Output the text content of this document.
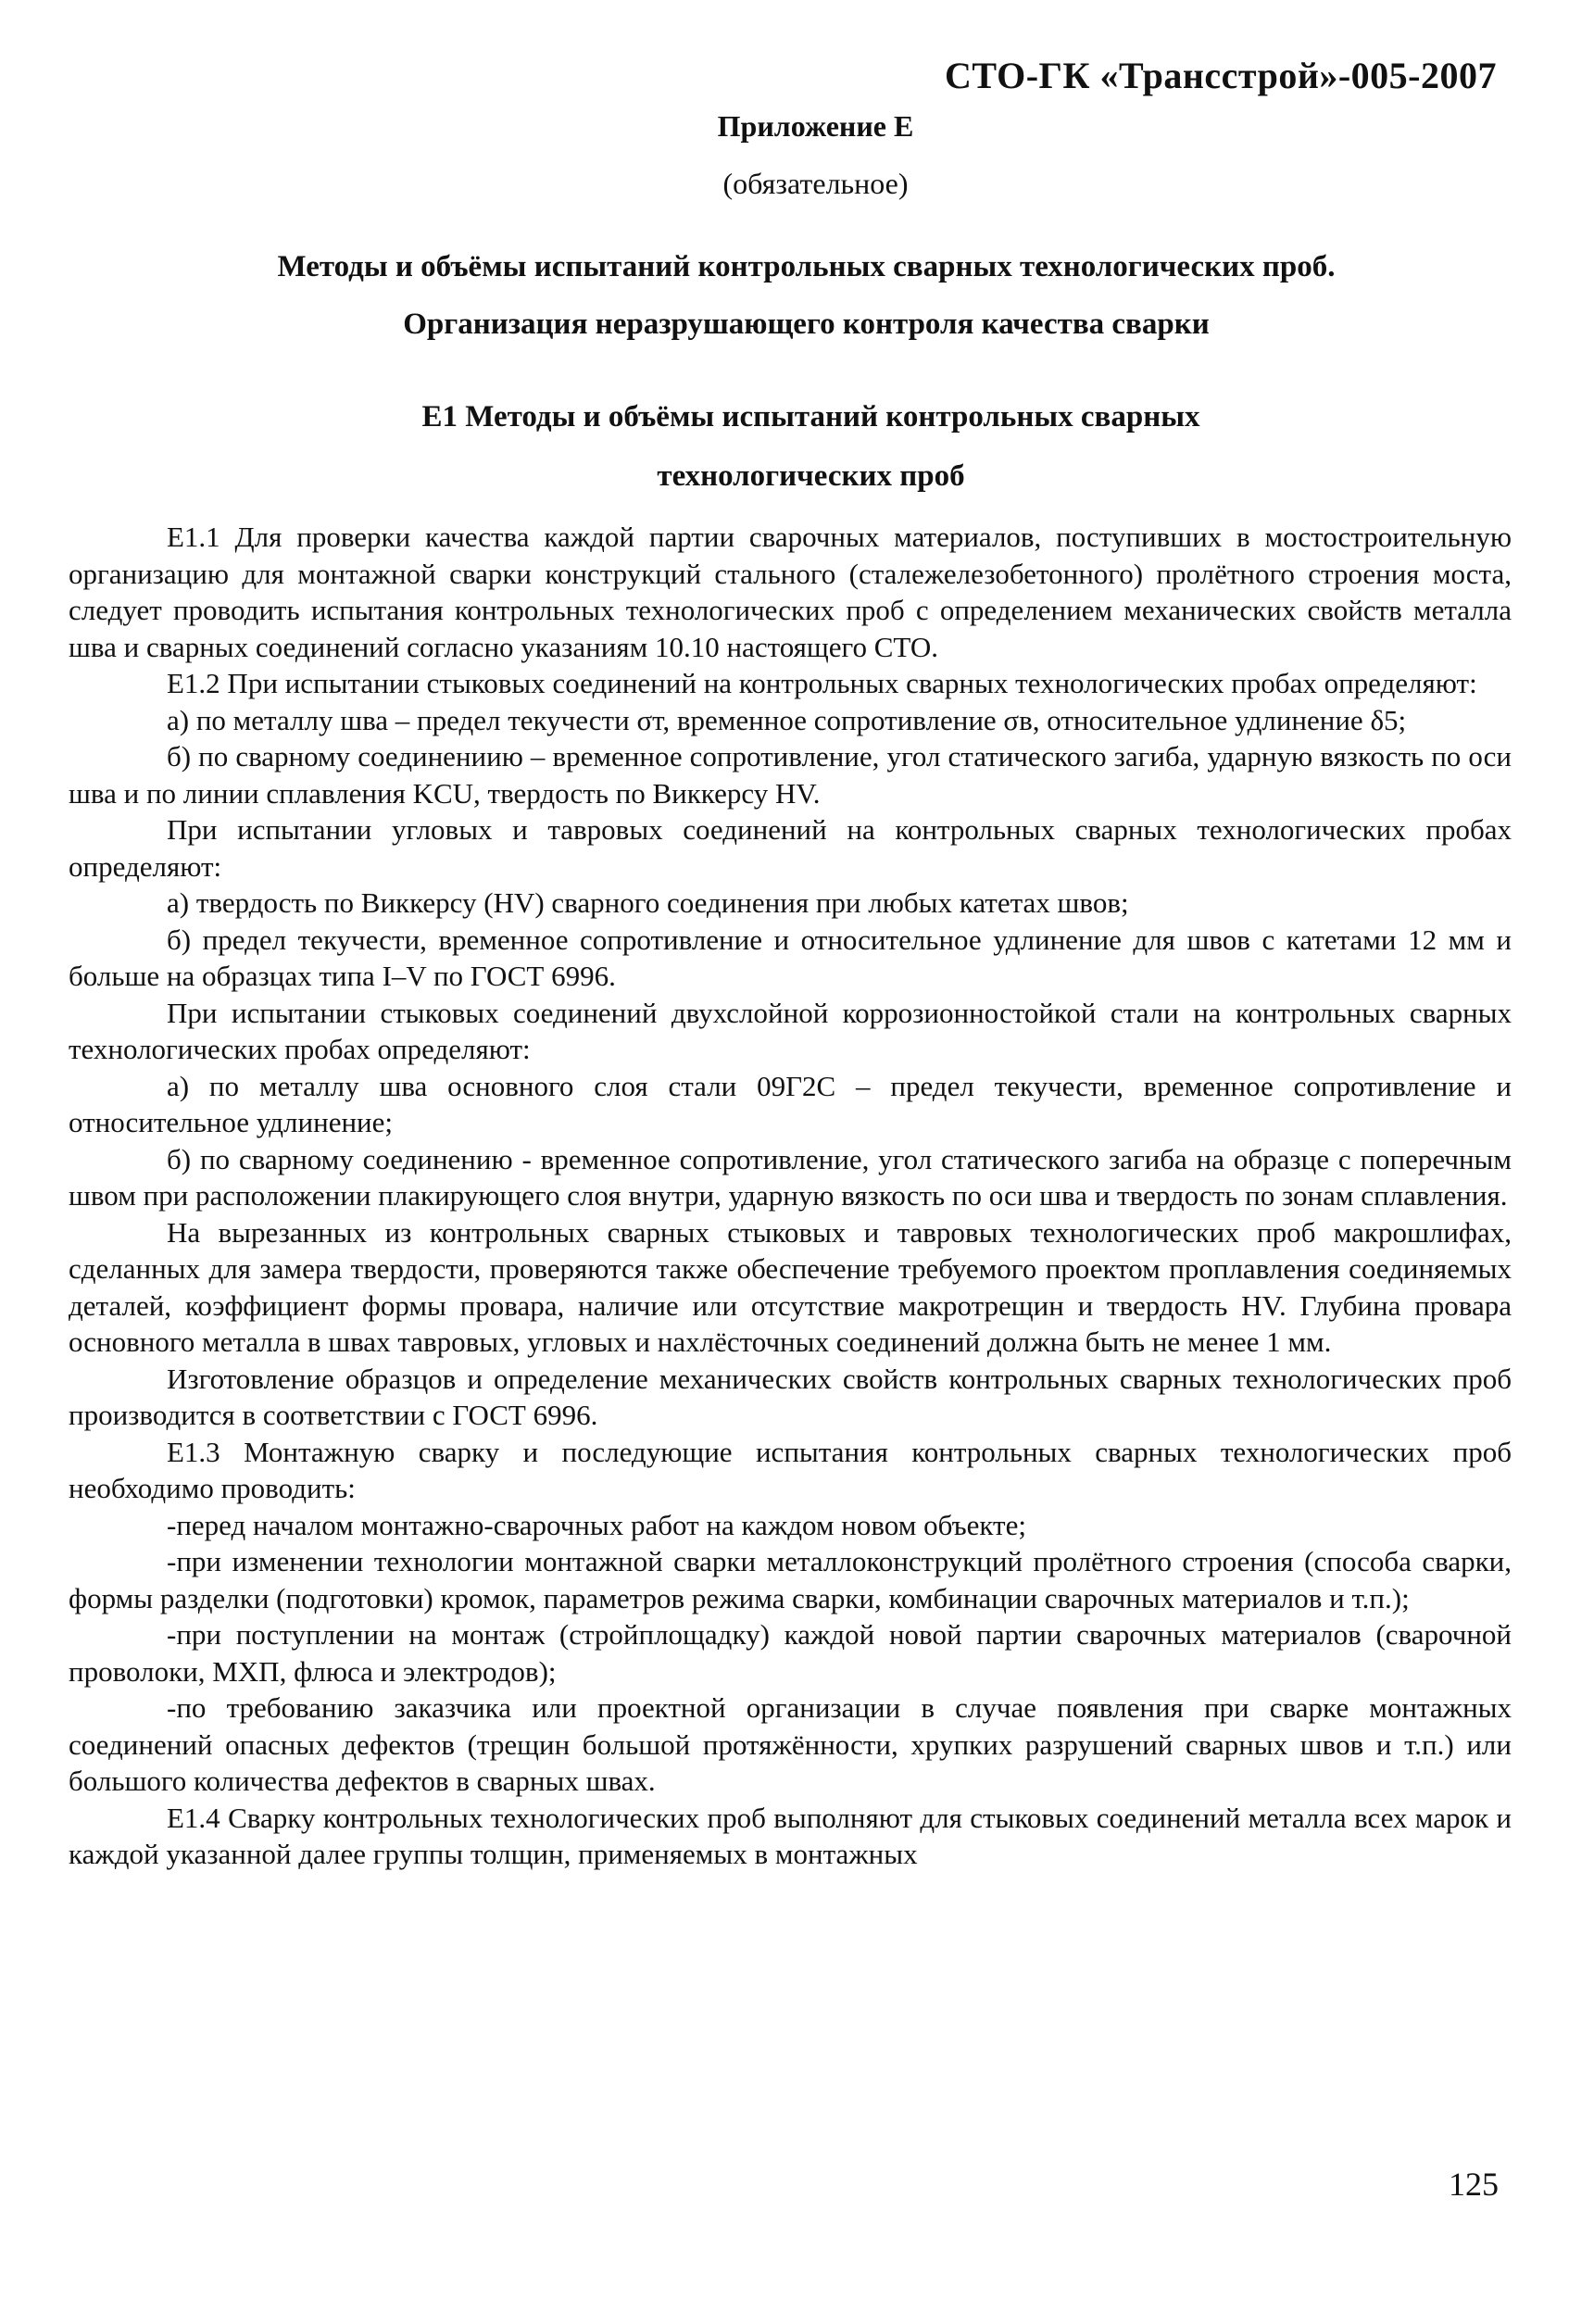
СТО-ГК «Трансстрой»-005-2007
Приложение Е
(обязательное)
Методы и объёмы испытаний контрольных сварных технологических проб.
Организация неразрушающего контроля качества сварки
Е1 Методы и объёмы испытаний контрольных сварных
технологических проб

Е1.1 Для проверки качества каждой партии сварочных материалов, поступивших в мостостроительную организацию для монтажной сварки конструкций стального (сталежелезобетонного) пролётного строения моста, следует проводить испытания контрольных технологических проб с определением механических свойств металла шва и сварных соединений согласно указаниям 10.10 настоящего СТО.

Е1.2 При испытании стыковых соединений на контрольных сварных технологических пробах определяют:

а) по металлу шва – предел текучести σт, временное сопротивление σв, относительное удлинение δ5;

б) по сварному соединениию – временное сопротивление, угол статического загиба, ударную вязкость по оси шва и по линии сплавления KCU, твердость по Виккерсу HV.

При испытании угловых и тавровых соединений на контрольных сварных технологических пробах определяют:

а) твердость по Виккерсу (HV) сварного соединения при любых катетах швов;

б) предел текучести, временное сопротивление и относительное удлинение для швов с катетами 12 мм и больше на образцах типа I–V по ГОСТ 6996.

При испытании стыковых соединений двухслойной коррозионностойкой стали на контрольных сварных технологических пробах определяют:

а) по металлу шва основного слоя стали 09Г2С – предел текучести, временное сопротивление и относительное удлинение;

б) по сварному соединению - временное сопротивление, угол статического загиба на образце с поперечным швом при расположении плакирующего слоя внутри, ударную вязкость по оси шва и твердость по зонам сплавления.

На вырезанных из контрольных сварных стыковых и тавровых технологических проб макрошлифах, сделанных для замера твердости, проверяются также обеспечение требуемого проектом проплавления соединяемых деталей, коэффициент формы провара, наличие или отсутствие макротрещин и твердость HV. Глубина провара основного металла в швах тавровых, угловых и нахлёсточных соединений должна быть не менее 1 мм.

Изготовление образцов и определение механических свойств контрольных сварных технологических проб производится в соответствии с ГОСТ 6996.

Е1.3 Монтажную сварку и последующие испытания контрольных сварных технологических проб необходимо проводить:

-перед началом монтажно-сварочных работ на каждом новом объекте;

-при изменении технологии монтажной сварки металлоконструкций пролётного строения (способа сварки, формы разделки (подготовки) кромок, параметров режима сварки, комбинации сварочных материалов и т.п.);

-при поступлении на монтаж (стройплощадку) каждой новой партии сварочных материалов (сварочной проволоки, МХП, флюса и электродов);

-по требованию заказчика или проектной организации в случае появления при сварке монтажных соединений опасных дефектов (трещин большой протяжённости, хрупких разрушений сварных швов и т.п.) или большого количества дефектов в сварных швах.

Е1.4 Сварку контрольных технологических проб выполняют для стыковых соединений металла всех марок и каждой указанной далее группы толщин, применяемых в монтажных

125
